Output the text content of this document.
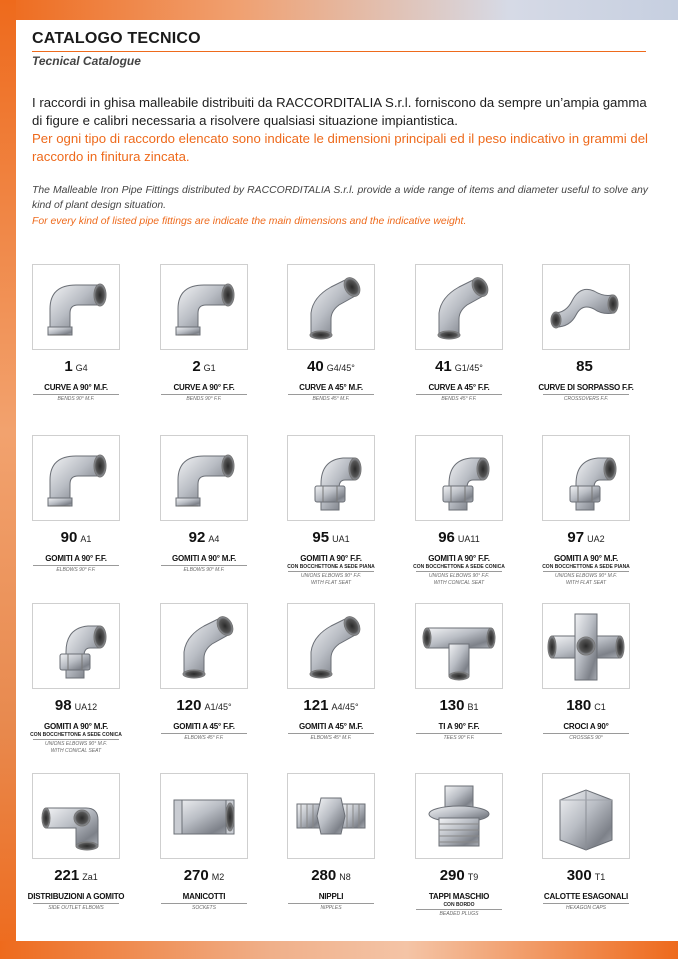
CATALOGO TECNICO
Tecnical Catalogue

I raccordi in ghisa malleabile distribuiti da RACCORDITALIA S.r.l. forniscono da sempre un’ampia gamma di figure e calibri necessaria a risolvere qualsiasi situazione impiantistica.

Per ogni tipo di raccordo elencato sono indicate le dimensioni principali ed il peso indicativo in grammi del raccordo in finitura zincata.

The Malleable Iron Pipe Fittings distributed by RACCORDITALIA S.r.l. provide a wide range of items and diameter useful to solve any kind of plant design situation.

For every kind of listed pipe fittings are indicate the main dimensions and the indicative weight.

1 G4
CURVE A 90° M.F.
BENDS 90° M.F.
2 G1
CURVE A 90° F.F.
BENDS 90° F.F.
40 G4/45°
CURVE A 45° M.F.
BENDS 45° M.F.
41 G1/45°
CURVE A 45° F.F.
BENDS 45° F.F.
85
CURVE DI SORPASSO F.F.
CROSSOVERS F.F.
90 A1
GOMITI A 90° F.F.
ELBOWS 90° F.F.
92 A4
GOMITI A 90° M.F.
ELBOWS 90° M.F.
95 UA1
GOMITI A 90° F.F.
CON BOCCHETTONE A SEDE PIANA
UNIONS ELBOWS 90° F.F.
WITH FLAT SEAT
96 UA11
GOMITI A 90° F.F.
CON BOCCHETTONE A SEDE CONICA
UNIONS ELBOWS 90° F.F.
WITH CONICAL SEAT
97 UA2
GOMITI A 90° M.F.
CON BOCCHETTONE A SEDE PIANA
UNIONS ELBOWS 90° M.F.
WITH FLAT SEAT
98 UA12
GOMITI A 90° M.F.
CON BOCCHETTONE A SEDE CONICA
UNIONS ELBOWS 90° M.F.
WITH CONICAL SEAT
120 A1/45°
GOMITI A 45° F.F.
ELBOWS 45° F.F.
121 A4/45°
GOMITI A 45° M.F.
ELBOWS 45° M.F.
130 B1
TI A 90° F.F.
TEES 90° F.F.
180 C1
CROCI A 90°
CROSSES 90°
221 Za1
DISTRIBUZIONI A GOMITO
SIDE OUTLET ELBOWS
270 M2
MANICOTTI
SOCKETS
280 N8
NIPPLI
NIPPLES
290 T9
TAPPI MASCHIO
CON BORDO
BEADED PLUGS
300 T1
CALOTTE ESAGONALI
HEXAGON CAPS
